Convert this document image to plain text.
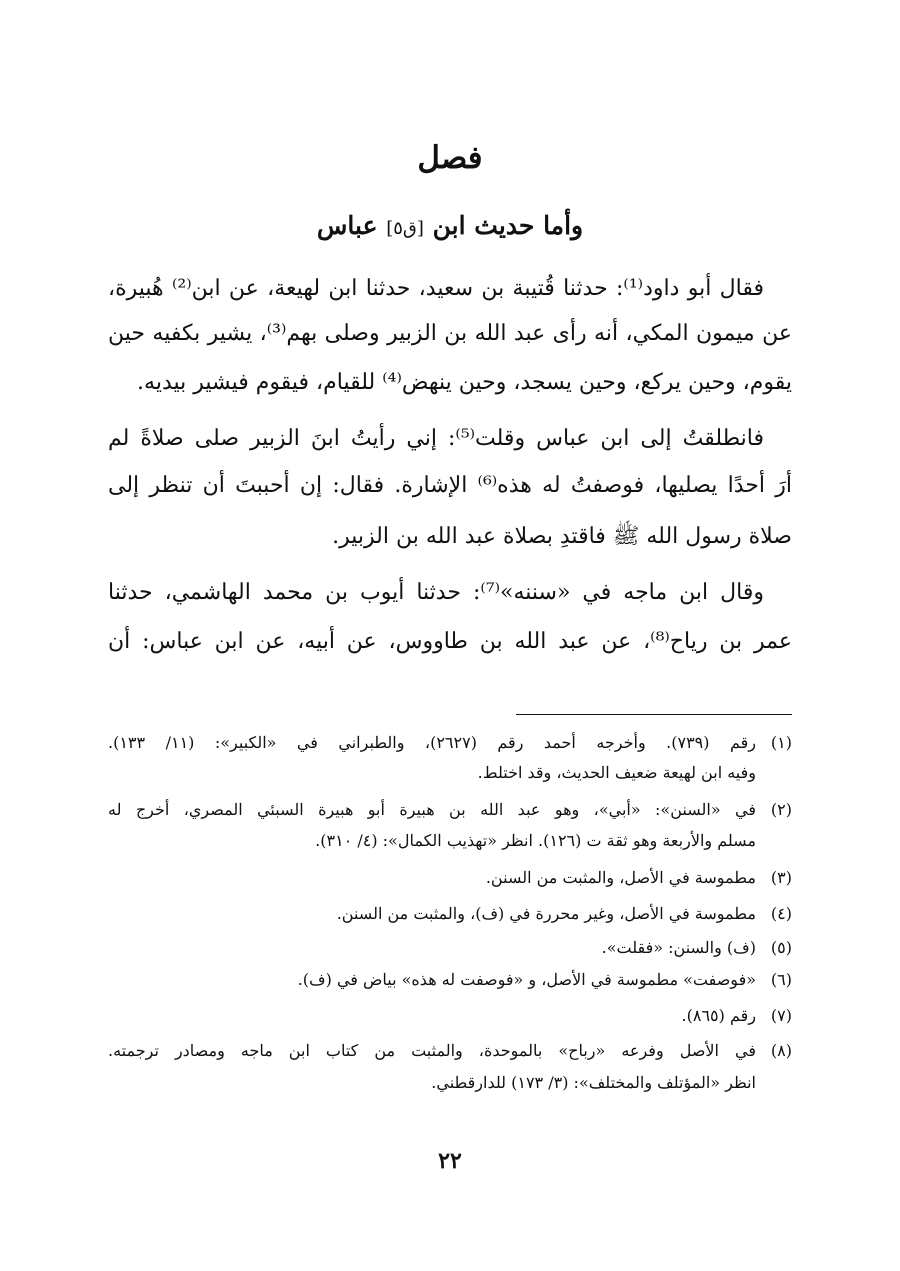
فصل
وأما حديث ابن [ق٥] عباس
فقال أبو داود⁽¹⁾: حدثنا قُتيبة بن سعيد، حدثنا ابن لهيعة، عن ابن⁽²⁾ هُبيرة،
عن ميمون المكي، أنه رأى عبد الله بن الزبير وصلى بهم⁽³⁾، يشير بكفيه حين
يقوم، وحين يركع، وحين يسجد، وحين ينهض⁽⁴⁾ للقيام، فيقوم فيشير بيديه.
فانطلقتُ إلى ابن عباس وقلت⁽⁵⁾: إني رأيتُ ابنَ الزبير صلى صلاةً لم
أرَ أحدًا يصليها، فوصفتُ له هذه⁽⁶⁾ الإشارة. فقال: إن أحببتَ أن تنظر إلى
صلاة رسول الله ﷺ فاقتدِ بصلاة عبد الله بن الزبير.
وقال ابن ماجه في «سننه»⁽⁷⁾: حدثنا أيوب بن محمد الهاشمي، حدثنا
عمر بن رياح⁽⁸⁾، عن عبد الله بن طاووس، عن أبيه، عن ابن عباس: أن
(١)رقم (٧٣٩). وأخرجه أحمد رقم (٢٦٢٧)، والطبراني في «الكبير»: (١١/ ١٣٣).
وفيه ابن لهيعة ضعيف الحديث، وقد اختلط.
(٢)في «السنن»: «أبي»، وهو عبد الله بن هبيرة أبو هبيرة السبئي المصري، أخرج له
مسلم والأربعة وهو ثقة ت (١٢٦). انظر «تهذيب الكمال»: (٤/ ٣١٠).
(٣)مطموسة في الأصل، والمثبت من السنن.
(٤)مطموسة في الأصل، وغير محررة في (ف)، والمثبت من السنن.
(٥)(ف) والسنن: «فقلت».
(٦)«فوصفت» مطموسة في الأصل، و «فوصفت له هذه» بياض في (ف).
(٧)رقم (٨٦٥).
(٨)في الأصل وفرعه «رباح» بالموحدة، والمثبت من كتاب ابن ماجه ومصادر ترجمته.
انظر «المؤتلف والمختلف»: (٣/ ١٧٣) للدارقطني.
٢٢
